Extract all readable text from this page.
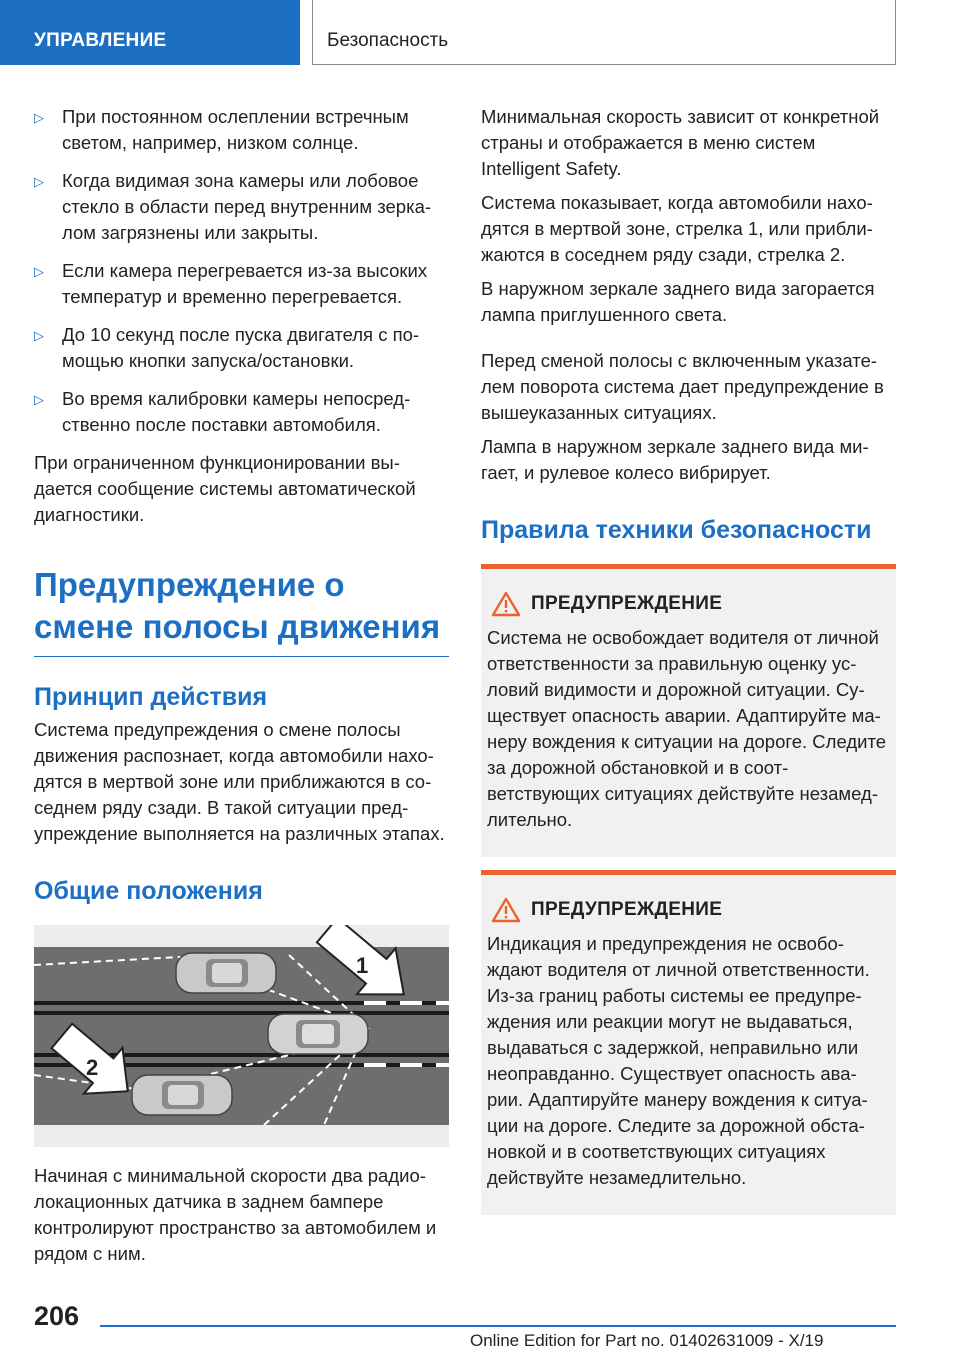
УПРАВЛЕНИЕ	Безопасность
▷ При постоянном ослеплении встречным светом, например, низком солнце.
▷ Когда видимая зона камеры или лобовое стекло в области перед внутренним зерка-лом загрязнены или закрыты.
▷ Если камера перегревается из-за высоких температур и временно перегревается.
▷ До 10 секунд после пуска двигателя с по-мощью кнопки запуска/остановки.
▷ Во время калибровки камеры непосред-ственно после поставки автомобиля.

При ограниченном функционировании вы-дается сообщение системы автоматической диагностики.

Предупреждение о смене полосы движения
Принцип действия

Система предупреждения о смене полосы движения распознает, когда автомобили нахо-дятся в мертвой зоне или приближаются в со-седнем ряду сзади. В такой ситуации пред-упреждение выполняется на различных этапах.

Общие положения
1
2

Начиная с минимальной скорости два радио-локационных датчика в заднем бампере контролируют пространство за автомобилем и рядом с ним.

Минимальная скорость зависит от конкретной страны и отображается в меню систем Intelligent Safety.

Система показывает, когда автомобили нахо-дятся в мертвой зоне, стрелка 1, или прибли-жаются в соседнем ряду сзади, стрелка 2.

В наружном зеркале заднего вида загорается лампа приглушенного света.

Перед сменой полосы с включенным указате-лем поворота система дает предупреждение в вышеуказанных ситуациях.

Лампа в наружном зеркале заднего вида ми-гает, и рулевое колесо вибрирует.

Правила техники безопасности
ПРЕДУПРЕЖДЕНИЕ

Система не освобождает водителя от личной ответственности за правильную оценку ус-ловий видимости и дорожной ситуации. Су-ществует опасность аварии. Адаптируйте ма-неру вождения к ситуации на дороге. Следите за дорожной обстановкой и в соот-ветствующих ситуациях действуйте незамед-лительно.

ПРЕДУПРЕЖДЕНИЕ

Индикация и предупреждения не освобо-ждают водителя от личной ответственности. Из-за границ работы системы ее предупре-ждения или реакции могут не выдаваться, выдаваться с задержкой, неправильно или неоправданно. Существует опасность ава-рии. Адаптируйте манеру вождения к ситуа-ции на дороге. Следите за дорожной обста-новкой и в соответствующих ситуациях действуйте незамедлительно.

206
Online Edition for Part no. 01402631009 - X/19
